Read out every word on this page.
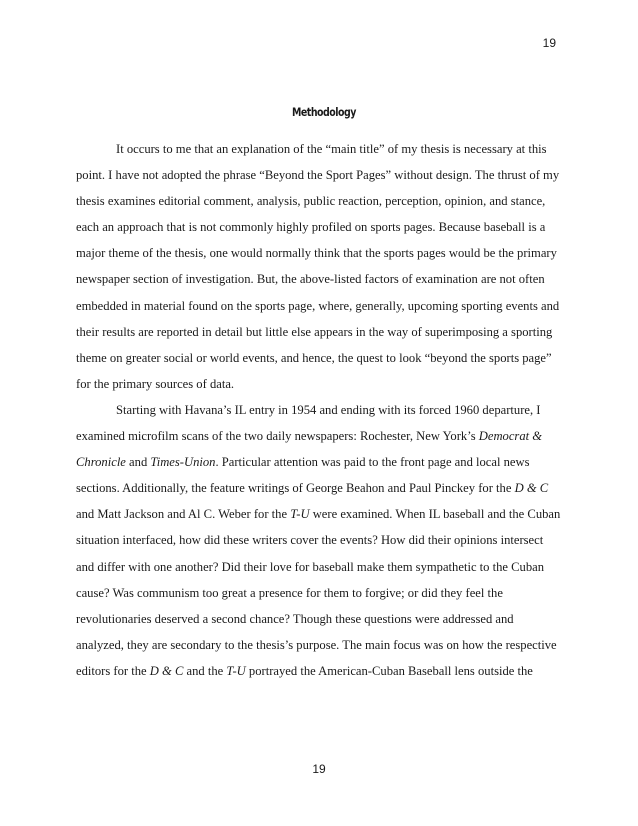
19
Methodology

It occurs to me that an explanation of the “main title” of my thesis is necessary at this
point. I have not adopted the phrase “Beyond the Sport Pages” without design. The thrust of my
thesis examines editorial comment, analysis, public reaction, perception, opinion, and stance,
each an approach that is not commonly highly profiled on sports pages. Because baseball is a
major theme of the thesis, one would normally think that the sports pages would be the primary
newspaper section of investigation. But, the above-listed factors of examination are not often
embedded in material found on the sports page, where, generally, upcoming sporting events and
their results are reported in detail but little else appears in the way of superimposing a sporting
theme on greater social or world events, and hence, the quest to look “beyond the sports page”
for the primary sources of data.

Starting with Havana’s IL entry in 1954 and ending with its forced 1960 departure, I
examined microfilm scans of the two daily newspapers: Rochester, New York’s Democrat &
Chronicle and Times-Union. Particular attention was paid to the front page and local news
sections. Additionally, the feature writings of George Beahon and Paul Pinckey for the D & C
and Matt Jackson and Al C. Weber for the T-U were examined. When IL baseball and the Cuban
situation interfaced, how did these writers cover the events? How did their opinions intersect
and differ with one another? Did their love for baseball make them sympathetic to the Cuban
cause? Was communism too great a presence for them to forgive; or did they feel the
revolutionaries deserved a second chance? Though these questions were addressed and
analyzed, they are secondary to the thesis’s purpose. The main focus was on how the respective
editors for the D & C and the T-U portrayed the American-Cuban Baseball lens outside the

19
